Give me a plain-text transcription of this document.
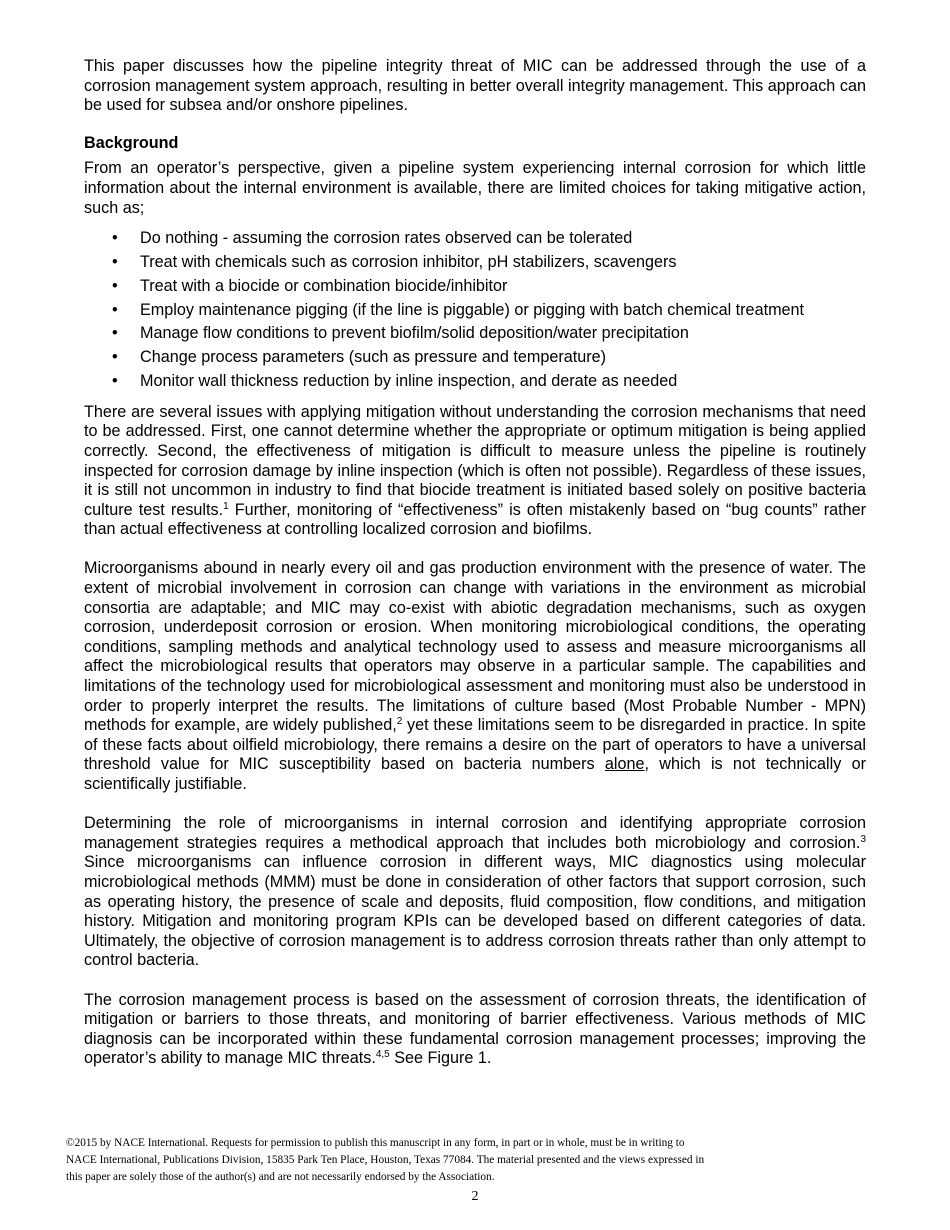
This paper discusses how the pipeline integrity threat of MIC can be addressed through the use of a corrosion management system approach, resulting in better overall integrity management. This approach can be used for subsea and/or onshore pipelines.

Background

From an operator’s perspective, given a pipeline system experiencing internal corrosion for which little information about the internal environment is available, there are limited choices for taking mitigative action, such as;

• Do nothing - assuming the corrosion rates observed can be tolerated
• Treat with chemicals such as corrosion inhibitor, pH stabilizers, scavengers
• Treat with a biocide or combination biocide/inhibitor
• Employ maintenance pigging (if the line is piggable) or pigging with batch chemical treatment
• Manage flow conditions to prevent biofilm/solid deposition/water precipitation
• Change process parameters (such as pressure and temperature)
• Monitor wall thickness reduction by inline inspection, and derate as needed

There are several issues with applying mitigation without understanding the corrosion mechanisms that need to be addressed. First, one cannot determine whether the appropriate or optimum mitigation is being applied correctly. Second, the effectiveness of mitigation is difficult to measure unless the pipeline is routinely inspected for corrosion damage by inline inspection (which is often not possible). Regardless of these issues, it is still not uncommon in industry to find that biocide treatment is initiated based solely on positive bacteria culture test results.$^1$ Further, monitoring of “effectiveness” is often mistakenly based on “bug counts” rather than actual effectiveness at controlling localized corrosion and biofilms.

Microorganisms abound in nearly every oil and gas production environment with the presence of water. The extent of microbial involvement in corrosion can change with variations in the environment as microbial consortia are adaptable; and MIC may co-exist with abiotic degradation mechanisms, such as oxygen corrosion, underdeposit corrosion or erosion. When monitoring microbiological conditions, the operating conditions, sampling methods and analytical technology used to assess and measure microorganisms all affect the microbiological results that operators may observe in a particular sample. The capabilities and limitations of the technology used for microbiological assessment and monitoring must also be understood in order to properly interpret the results. The limitations of culture based (Most Probable Number - MPN) methods for example, are widely published,$^2$ yet these limitations seem to be disregarded in practice. In spite of these facts about oilfield microbiology, there remains a desire on the part of operators to have a universal threshold value for MIC susceptibility based on bacteria numbers alone, which is not technically or scientifically justifiable.

Determining the role of microorganisms in internal corrosion and identifying appropriate corrosion management strategies requires a methodical approach that includes both microbiology and corrosion.$^3$ Since microorganisms can influence corrosion in different ways, MIC diagnostics using molecular microbiological methods (MMM) must be done in consideration of other factors that support corrosion, such as operating history, the presence of scale and deposits, fluid composition, flow conditions, and mitigation history. Mitigation and monitoring program KPIs can be developed based on different categories of data. Ultimately, the objective of corrosion management is to address corrosion threats rather than only attempt to control bacteria.

The corrosion management process is based on the assessment of corrosion threats, the identification of mitigation or barriers to those threats, and monitoring of barrier effectiveness. Various methods of MIC diagnosis can be incorporated within these fundamental corrosion management processes; improving the operator’s ability to manage MIC threats.$^{4,5}$ See Figure 1.

©2015 by NACE International. Requests for permission to publish this manuscript in any form, in part or in whole, must be in writing to
NACE International, Publications Division, 15835 Park Ten Place, Houston, Texas 77084. The material presented and the views expressed in
this paper are solely those of the author(s) and are not necessarily endorsed by the Association.
2
